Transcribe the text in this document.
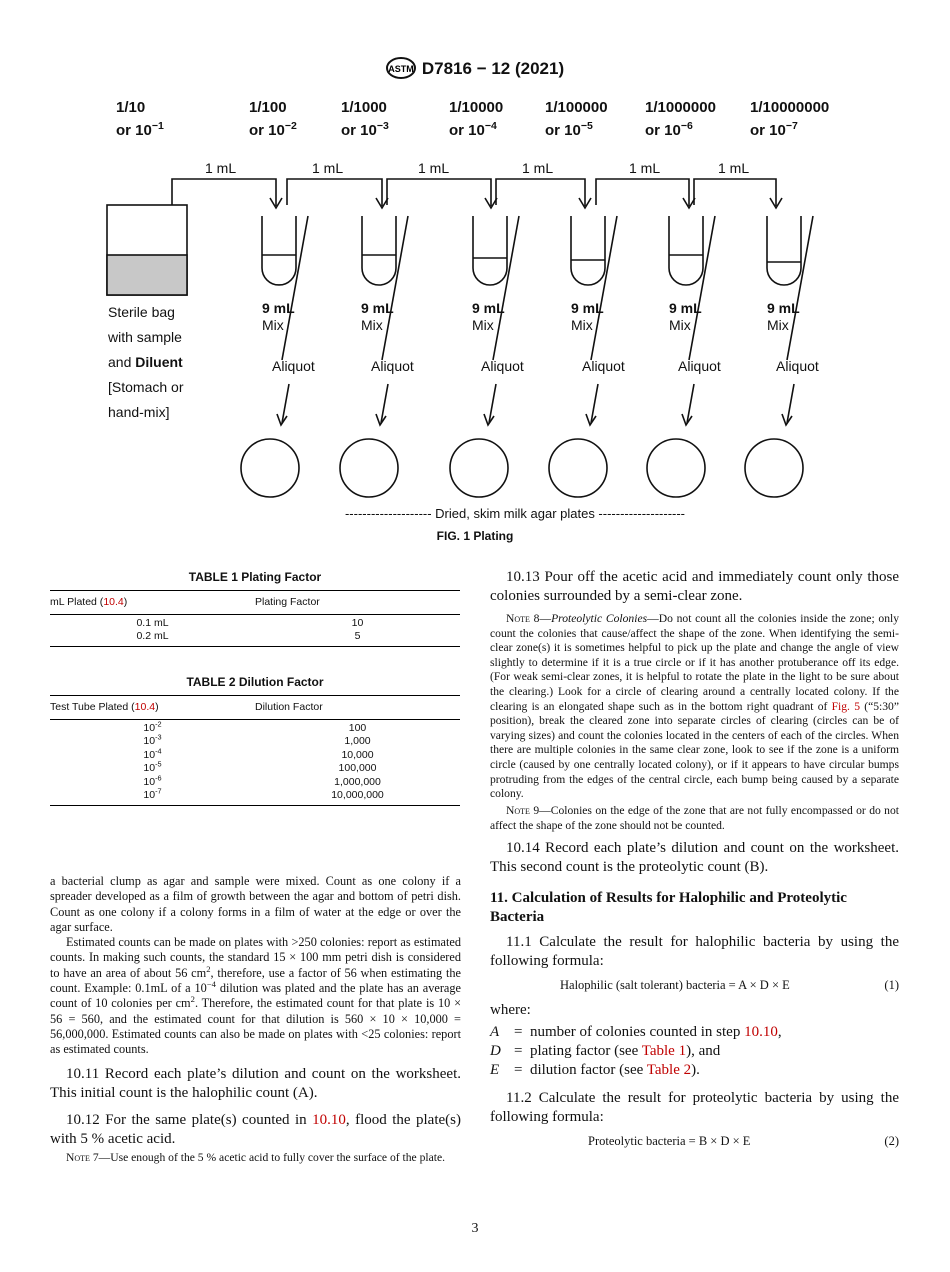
ASTM D7816 − 12 (2021)
1/10
or $10^{-1}$
1/100
or $10^{-2}$
1/1000
or $10^{-3}$
1/10000
or $10^{-4}$
1/100000
or $10^{-5}$
1/1000000
or $10^{-6}$
1/10000000
or $10^{-7}$
1 mL	1 mL	1 mL	1 mL	1 mL	1 mL
Sterile bag
with sample
and Diluent
[Stomach or
hand-mix]
9 mL
Mix
9 mL
Mix
9 mL
Mix
9 mL
Mix
9 mL
Mix
9 mL
Mix
Aliquot	Aliquot	Aliquot	Aliquot	Aliquot	Aliquot
-------------------- Dried, skim milk agar plates --------------------
FIG. 1 Plating
TABLE 1 Plating Factor
mL Plated (10.4)	Plating Factor

0.1 mL	10
0.2 mL	5
TABLE 2 Dilution Factor
Test Tube Plated (10.4)	Dilution Factor

$10^{-2}$	100
$10^{-3}$	1,000
$10^{-4}$	10,000
$10^{-5}$	100,000
$10^{-6}$	1,000,000
$10^{-7}$	10,000,000

a bacterial clump as agar and sample were mixed. Count as one colony if a spreader developed as a film of growth between the agar and bottom of petri dish. Count as one colony if a colony forms in a film of water at the edge or over the agar surface.

Estimated counts can be made on plates with >250 colonies: report as estimated counts. In making such counts, the standard 15 × 100 mm petri dish is considered to have an area of about 56 $cm^2$, therefore, use a factor of 56 when estimating the count. Example: 0.1mL of a $10^{-4}$ dilution was plated and the plate has an average count of 10 colonies per $cm^2$. Therefore, the estimated count for that plate is 10 × 56 = 560, and the estimated count for that dilution is 560 × 10 × 10,000 = 56,000,000. Estimated counts can also be made on plates with <25 colonies: report as estimated counts.

10.11 Record each plate’s dilution and count on the worksheet. This initial count is the halophilic count (A).

10.12 For the same plate(s) counted in 10.10, flood the plate(s) with 5 % acetic acid.

Note 7—Use enough of the 5 % acetic acid to fully cover the surface of the plate.

10.13 Pour off the acetic acid and immediately count only those colonies surrounded by a semi-clear zone.

Note 8—Proteolytic Colonies—Do not count all the colonies inside the zone; only count the colonies that cause/affect the shape of the zone. When identifying the semi-clear zone(s) it is sometimes helpful to pick up the plate and change the angle of view slightly to determine if it is a true circle or if it has another protuberance off its edge. (For weak semi-clear zones, it is helpful to rotate the plate in the light to be sure about the clearing.) Look for a circle of clearing around a centrally located colony. If the clearing is an elongated shape such as in the bottom right quadrant of Fig. 5 (“5:30” position), break the cleared zone into separate circles of clearing (circles can be of varying sizes) and count the colonies located in the centers of each of the circles. When there are multiple colonies in the same clear zone, look to see if the zone is a uniform circle (caused by one centrally located colony), or if it appears to have circular bumps protruding from the edges of the central circle, each bump being caused by a separate colony.

Note 9—Colonies on the edge of the zone that are not fully encompassed or do not affect the shape of the zone should not be counted.

10.14 Record each plate’s dilution and count on the worksheet. This second count is the proteolytic count (B).

11. Calculation of Results for Halophilic and Proteolytic Bacteria

11.1 Calculate the result for halophilic bacteria by using the following formula:

Halophilic (salt tolerant) bacteria = A × D × E	(1)

where:

A =  number of colonies counted in step 10.10,
D =  plating factor (see Table 1), and
E =  dilution factor (see Table 2).

11.2 Calculate the result for proteolytic bacteria by using the following formula:

Proteolytic bacteria = B × D × E	(2)
3
